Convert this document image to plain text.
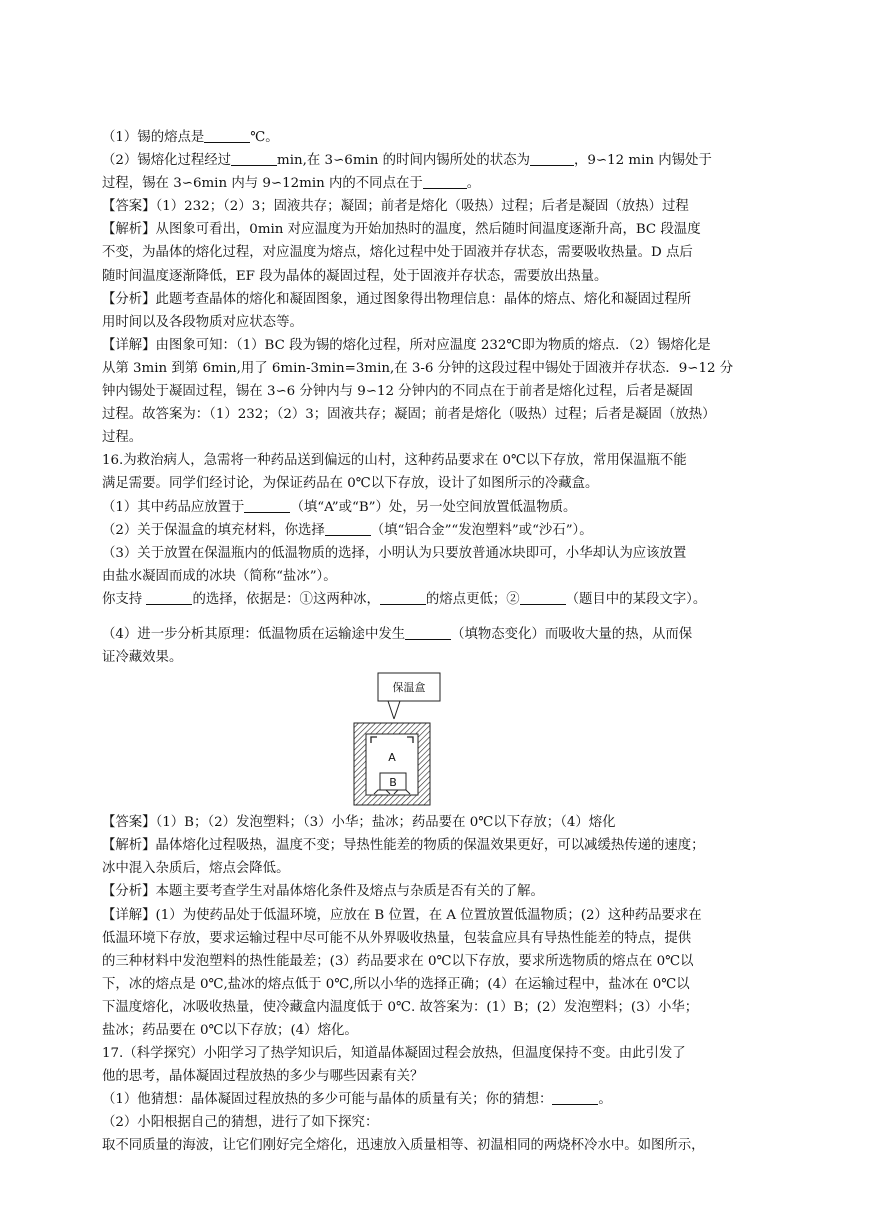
（1）锡的熔点是	℃。
（2）锡熔化过程经过	min,在 3∽6min 的时间内锡所处的状态为	，9∽12 min 内锡处于
过程，锡在 3∽6min 内与 9∽12min 内的不同点在于	。
【答案】（1）232；（2）3；固液共存；凝固；前者是熔化（吸热）过程；后者是凝固（放热）过程
【解析】从图象可看出，0min 对应温度为开始加热时的温度，然后随时间温度逐渐升高，BC 段温度
不变，为晶体的熔化过程，对应温度为熔点，熔化过程中处于固液并存状态，需要吸收热量。D 点后
随时间温度逐渐降低，EF 段为晶体的凝固过程，处于固液并存状态，需要放出热量。
【分析】此题考查晶体的熔化和凝固图象，通过图象得出物理信息：晶体的熔点、熔化和凝固过程所
用时间以及各段物质对应状态等。
【详解】由图象可知：（1）BC 段为锡的熔化过程，所对应温度 232℃即为物质的熔点．（2）锡熔化是
从第 3min 到第 6min,用了 6min-3min=3min,在 3-6 分钟的这段过程中锡处于固液并存状态．9∽12 分
钟内锡处于凝固过程，锡在 3∽6 分钟内与 9∽12 分钟内的不同点在于前者是熔化过程，后者是凝固
过程。故答案为：（1）232；（2）3；固液共存；凝固；前者是熔化（吸热）过程；后者是凝固（放热）
过程。
16.为救治病人，急需将一种药品送到偏远的山村，这种药品要求在 0℃以下存放，常用保温瓶不能
满足需要。同学们经讨论，为保证药品在 0℃以下存放，设计了如图所示的冷藏盒。
（1）其中药品应放置于	（填“A”或“B”）处，另一处空间放置低温物质。
（2）关于保温盒的填充材料，你选择	（填“铝合金”“发泡塑料”或“沙石”）。
（3）关于放置在保温瓶内的低温物质的选择，小明认为只要放普通冰块即可，小华却认为应该放置
由盐水凝固而成的冰块（简称“盐冰”）。
你支持	的选择，依据是：①这两种冰，	的熔点更低；②	（题目中的某段文字）。
（4）进一步分析其原理：低温物质在运输途中发生	（填物态变化）而吸收大量的热，从而保
证冷藏效果。
保温盒
A
B
【答案】（1）B；（2）发泡塑料；（3）小华；盐冰；药品要在 0℃以下存放；（4）熔化
【解析】晶体熔化过程吸热，温度不变；导热性能差的物质的保温效果更好，可以减缓热传递的速度；
冰中混入杂质后，熔点会降低。
【分析】本题主要考查学生对晶体熔化条件及熔点与杂质是否有关的了解。
【详解】(1）为使药品处于低温环境，应放在 B 位置，在 A 位置放置低温物质；(2）这种药品要求在
低温环境下存放，要求运输过程中尽可能不从外界吸收热量，包装盒应具有导热性能差的特点，提供
的三种材料中发泡塑料的热性能最差；(3）药品要求在 0℃以下存放，要求所选物质的熔点在 0℃以
下，冰的熔点是 0℃,盐冰的熔点低于 0℃,所以小华的选择正确；(4）在运输过程中，盐冰在 0℃以
下温度熔化，冰吸收热量，使冷藏盒内温度低于 0℃. 故答案为：(1）B；(2）发泡塑料；(3）小华；
盐冰；药品要在 0℃以下存放；(4）熔化。
17.（科学探究）小阳学习了热学知识后，知道晶体凝固过程会放热，但温度保持不变。由此引发了
他的思考，晶体凝固过程放热的多少与哪些因素有关？
（1）他猜想：晶体凝固过程放热的多少可能与晶体的质量有关；你的猜想：	。
（2）小阳根据自己的猜想，进行了如下探究：
取不同质量的海波，让它们刚好完全熔化，迅速放入质量相等、初温相同的两烧杯冷水中。如图所示，
